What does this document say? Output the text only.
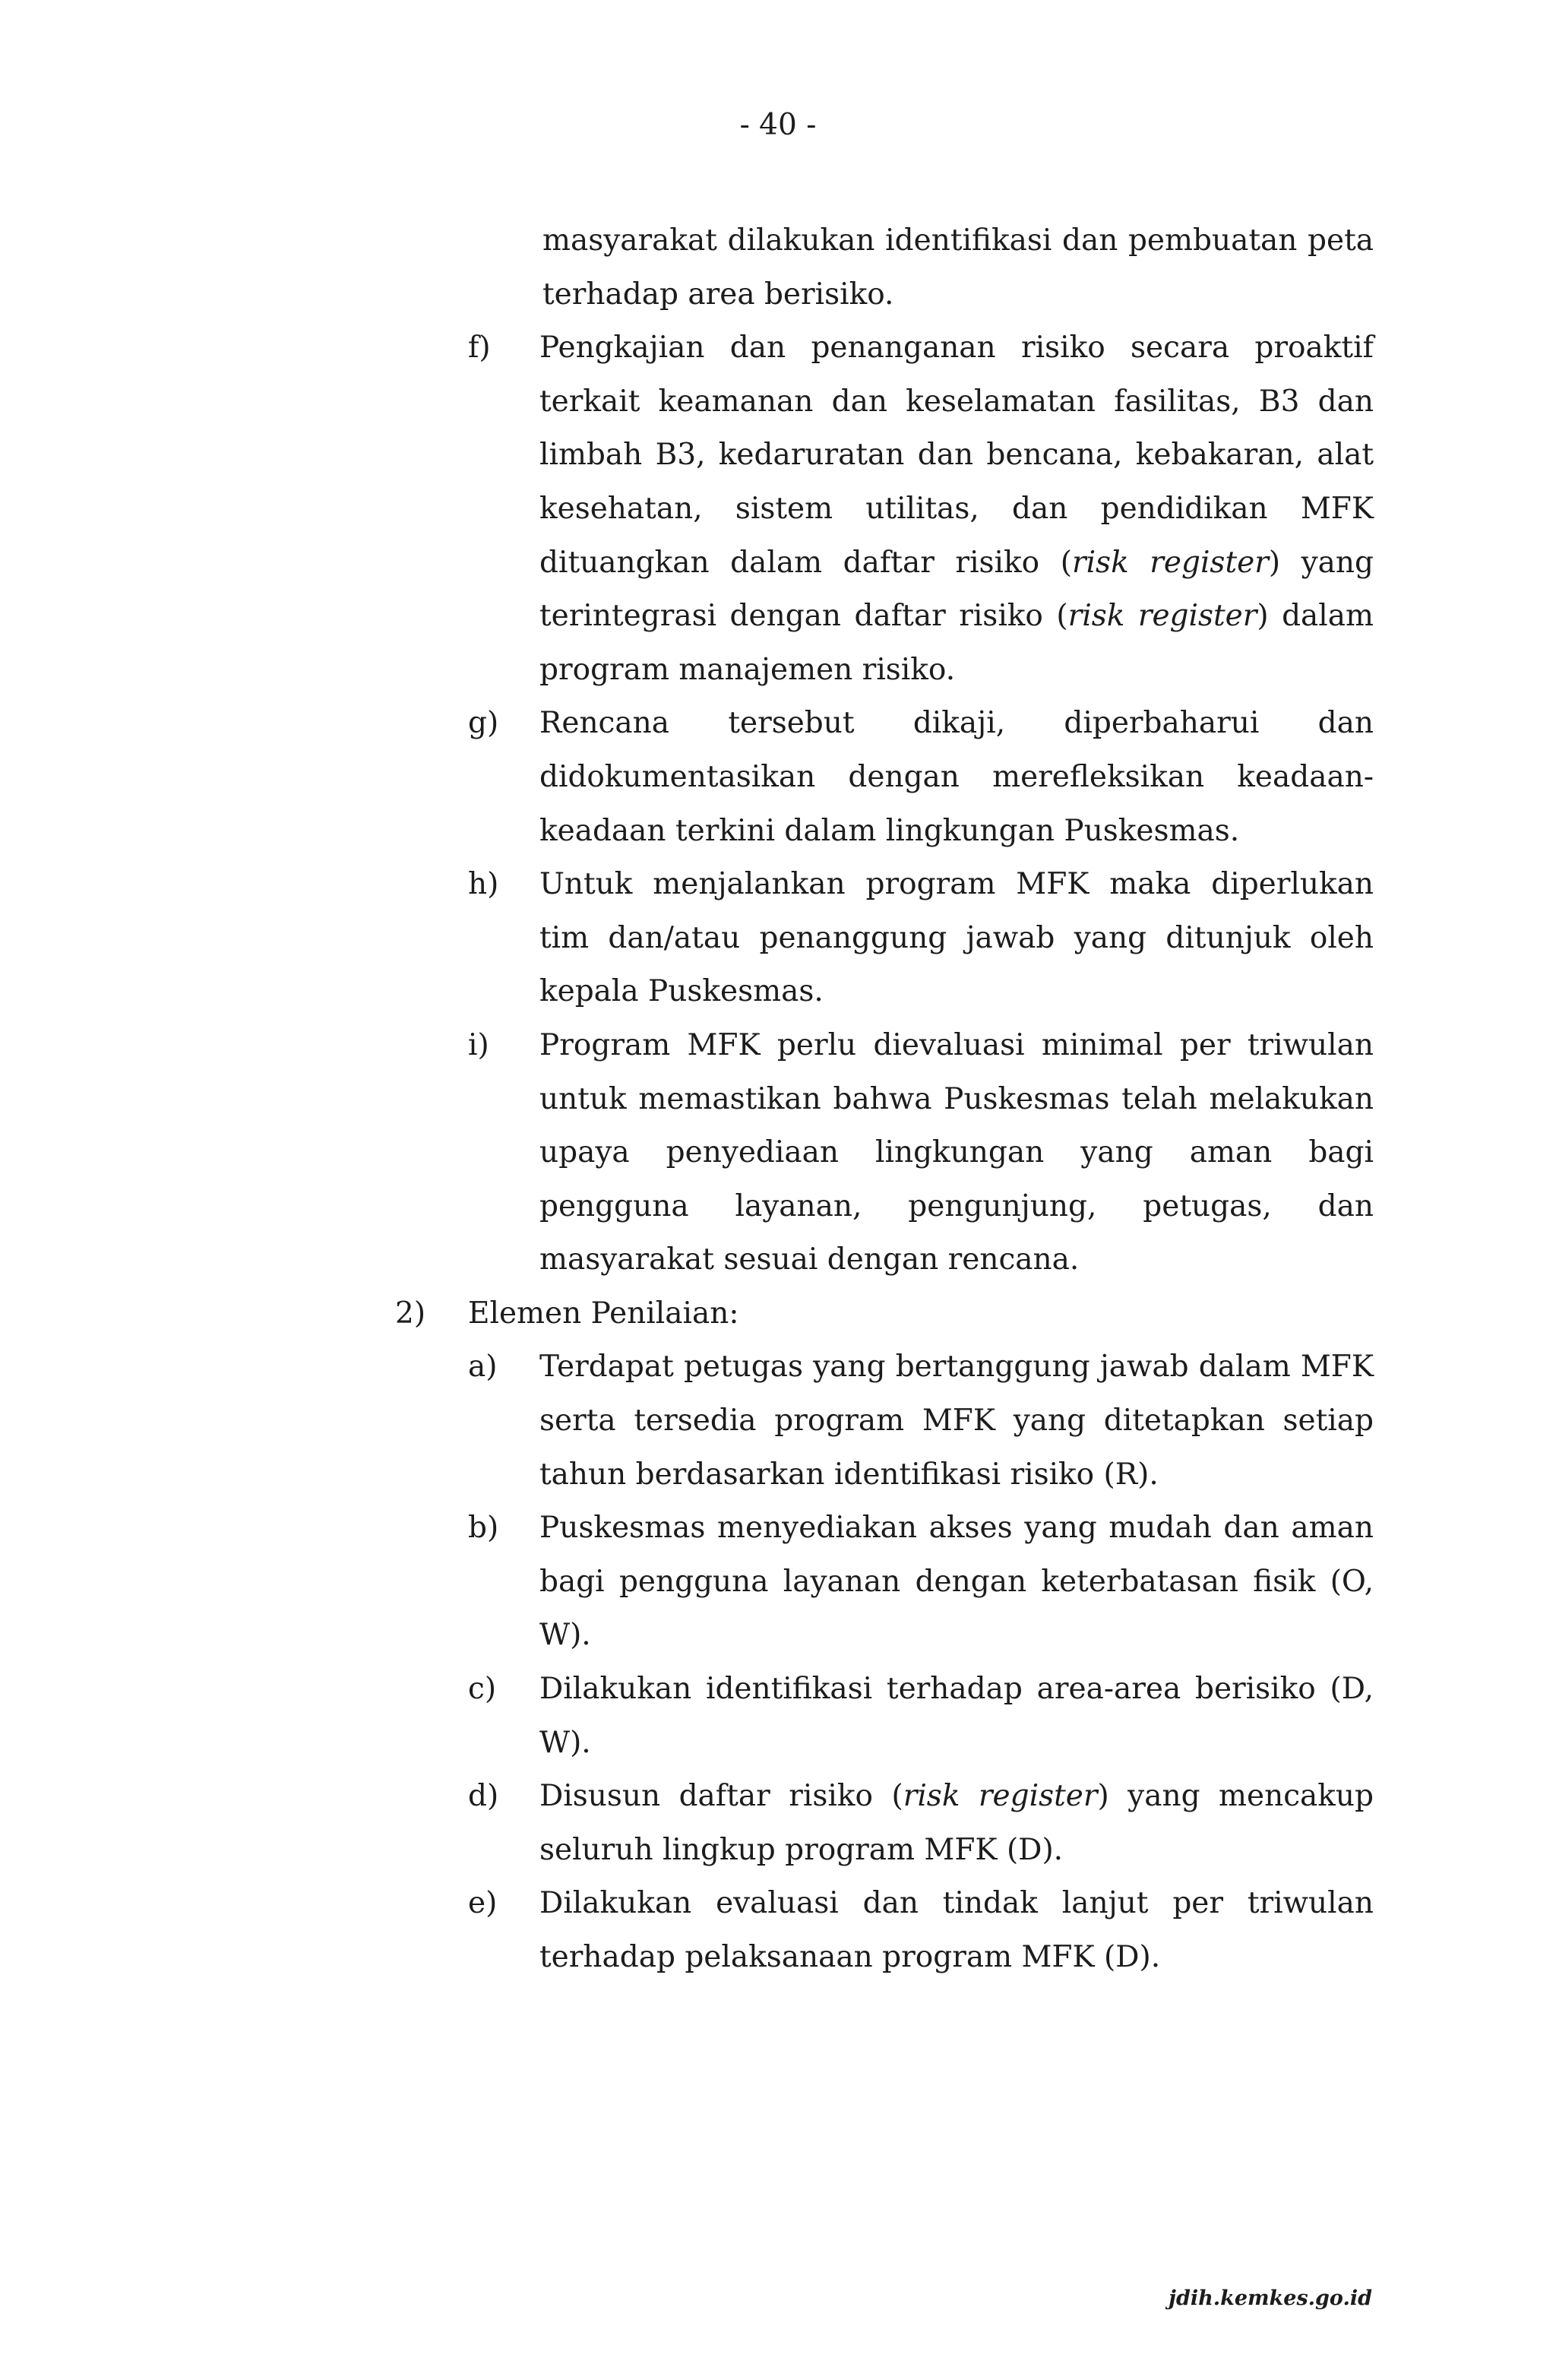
- 40 -
masyarakat dilakukan identifikasi dan pembuatan peta terhadap area berisiko.
f)	Pengkajian dan penanganan risiko secara proaktif terkait keamanan dan keselamatan fasilitas, B3 dan limbah B3, kedaruratan dan bencana, kebakaran, alat kesehatan, sistem utilitas, dan pendidikan MFK dituangkan dalam daftar risiko (risk register) yang terintegrasi dengan daftar risiko (risk register) dalam program manajemen risiko.
g)	Rencana tersebut dikaji, diperbaharui dan didokumentasikan dengan merefleksikan keadaan-keadaan terkini dalam lingkungan Puskesmas.
h)	Untuk menjalankan program MFK maka diperlukan tim dan/atau penanggung jawab yang ditunjuk oleh kepala Puskesmas.
i)	Program MFK perlu dievaluasi minimal per triwulan untuk memastikan bahwa Puskesmas telah melakukan upaya penyediaan lingkungan yang aman bagi pengguna layanan, pengunjung, petugas, dan masyarakat sesuai dengan rencana.
2)	Elemen Penilaian:
a)	Terdapat petugas yang bertanggung jawab dalam MFK serta tersedia program MFK yang ditetapkan setiap tahun berdasarkan identifikasi risiko (R).
b)	Puskesmas menyediakan akses yang mudah dan aman bagi pengguna layanan dengan keterbatasan fisik (O, W).
c)	Dilakukan identifikasi terhadap area-area berisiko (D, W).
d)	Disusun daftar risiko (risk register) yang mencakup seluruh lingkup program MFK (D).
e)	Dilakukan evaluasi dan tindak lanjut per triwulan terhadap pelaksanaan program MFK (D).
jdih.kemkes.go.id
